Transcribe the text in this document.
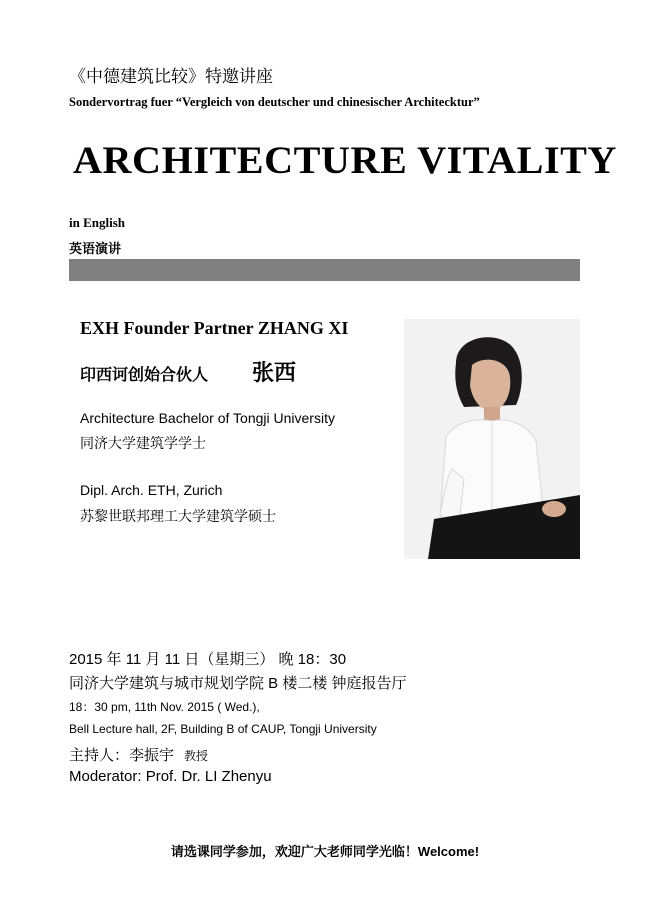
《中德建筑比较》特邀讲座
Sondervortrag fuer “Vergleich von deutscher und chinesischer Architecktur”
ARCHITECTURE VITALITY
in English
英语演讲
EXH Founder Partner ZHANG XI
印西诃创始合伙人 张西
Architecture Bachelor of Tongji University
同济大学建筑学学士
Dipl. Arch. ETH, Zurich
苏黎世联邦理工大学建筑学硕士
2015 年 11 月 11 日（星期三） 晚 18：30
同济大学建筑与城市规划学院 B 楼二楼 钟庭报告厅
18：30 pm, 11th Nov. 2015 ( Wed.),
Bell Lecture hall, 2F, Building B of CAUP, Tongji University
主持人：李振宇 教授
Moderator: Prof. Dr. LI Zhenyu
请选课同学参加，欢迎广大老师同学光临！Welcome!
